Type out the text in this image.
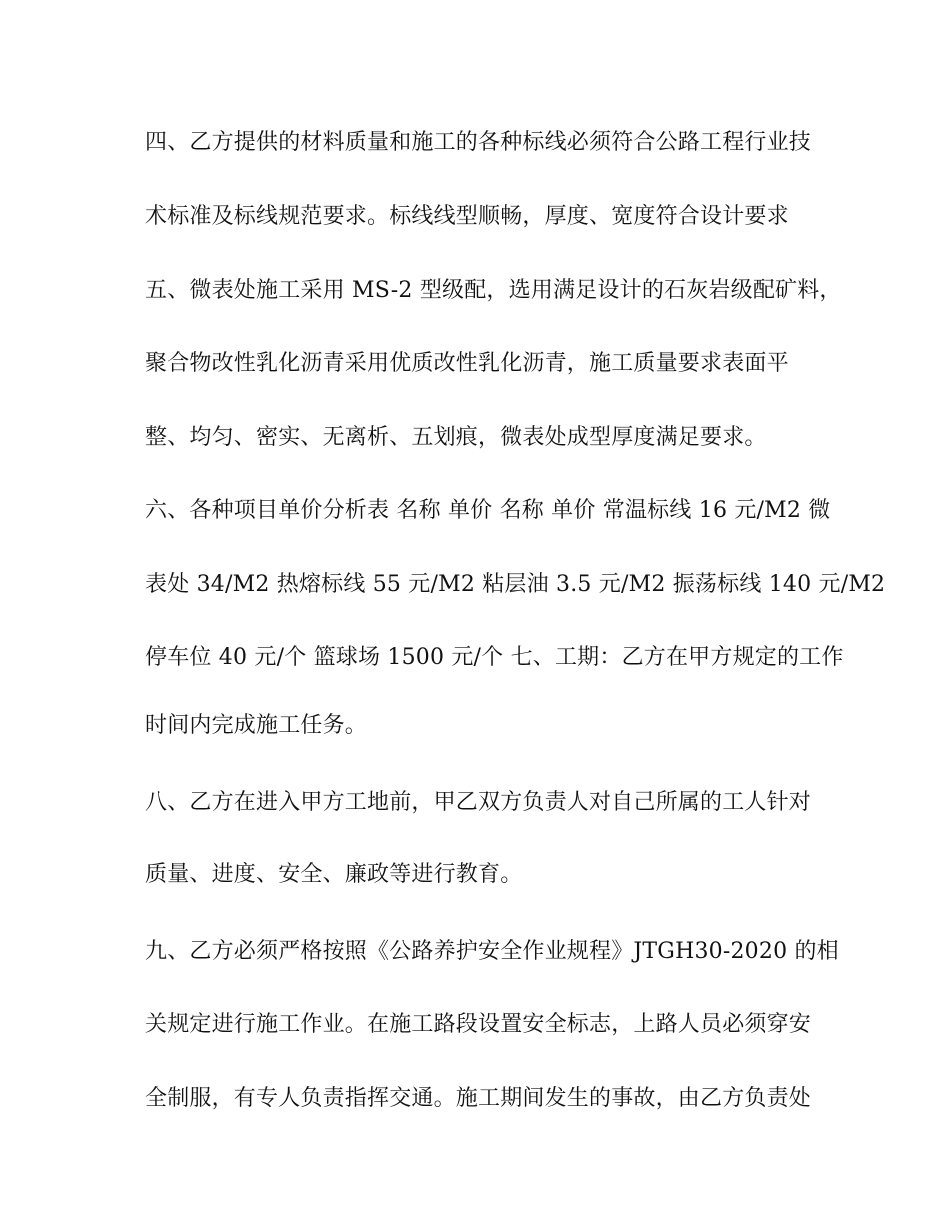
四、乙方提供的材料质量和施工的各种标线必须符合公路工程行业技
术标准及标线规范要求。标线线型顺畅，厚度、宽度符合设计要求
五、微表处施工采用 MS-2 型级配，选用满足设计的石灰岩级配矿料，
聚合物改性乳化沥青采用优质改性乳化沥青，施工质量要求表面平
整、均匀、密实、无离析、五划痕，微表处成型厚度满足要求。
六、各种项目单价分析表 名称 单价 名称 单价 常温标线 16 元/M2 微
表处 34/M2 热熔标线 55 元/M2 粘层油 3.5 元/M2 振荡标线 140 元/M2
停车位 40 元/个 篮球场 1500 元/个 七、工期：乙方在甲方规定的工作
时间内完成施工任务。
八、乙方在进入甲方工地前，甲乙双方负责人对自己所属的工人针对
质量、进度、安全、廉政等进行教育。
九、乙方必须严格按照《公路养护安全作业规程》JTGH30-2020 的相
关规定进行施工作业。在施工路段设置安全标志，上路人员必须穿安
全制服，有专人负责指挥交通。施工期间发生的事故，由乙方负责处
